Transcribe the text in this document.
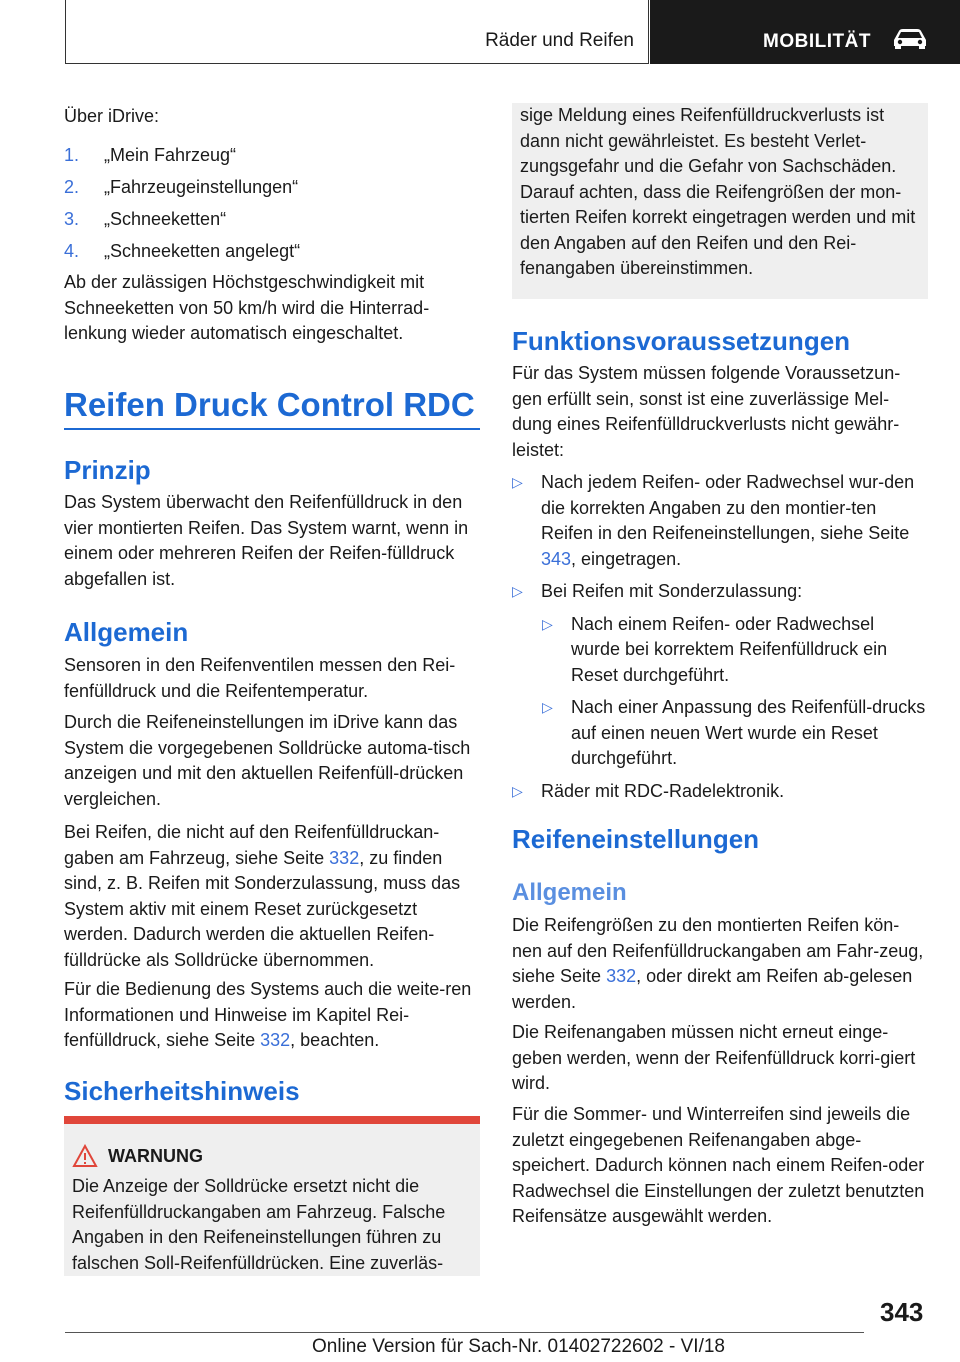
Räder und Reifen	MOBILITÄT

Über iDrive:

1. „Mein Fahrzeug“
2. „Fahrzeugeinstellungen“
3. „Schneeketten“
4. „Schneeketten angelegt“

Ab der zulässigen Höchstgeschwindigkeit mit Schneeketten von 50 km/h wird die Hinterrad-lenkung wieder automatisch eingeschaltet.

Reifen Druck Control RDC
Prinzip

Das System überwacht den Reifenfülldruck in den vier montierten Reifen. Das System warnt, wenn in einem oder mehreren Reifen der Reifen-fülldruck abgefallen ist.

Allgemein

Sensoren in den Reifenventilen messen den Rei-fenfülldruck und die Reifentemperatur.

Durch die Reifeneinstellungen im iDrive kann das System die vorgegebenen Solldrücke automa-tisch anzeigen und mit den aktuellen Reifenfüll-drücken vergleichen.

Bei Reifen, die nicht auf den Reifenfülldruckan-gaben am Fahrzeug, siehe Seite 332, zu finden sind, z. B. Reifen mit Sonderzulassung, muss das System aktiv mit einem Reset zurückgesetzt werden. Dadurch werden die aktuellen Reifen-fülldrücke als Solldrücke übernommen.

Für die Bedienung des Systems auch die weite-ren Informationen und Hinweise im Kapitel Rei-fenfülldruck, siehe Seite 332, beachten.

Sicherheitshinweis
WARNUNG

Die Anzeige der Solldrücke ersetzt nicht die Reifenfülldruckangaben am Fahrzeug. Falsche Angaben in den Reifeneinstellungen führen zu falschen Soll-Reifenfülldrücken. Eine zuverläs-

sige Meldung eines Reifenfülldruckverlusts ist dann nicht gewährleistet. Es besteht Verlet-zungsgefahr und die Gefahr von Sachschäden. Darauf achten, dass die Reifengrößen der mon-tierten Reifen korrekt eingetragen werden und mit den Angaben auf den Reifen und den Rei-fenangaben übereinstimmen.

Funktionsvoraussetzungen

Für das System müssen folgende Voraussetzun-gen erfüllt sein, sonst ist eine zuverlässige Mel-dung eines Reifenfülldruckverlusts nicht gewähr-leistet:

▷ Nach jedem Reifen- oder Radwechsel wur-den die korrekten Angaben zu den montier-ten Reifen in den Reifeneinstellungen, siehe Seite 343, eingetragen.
▷ Bei Reifen mit Sonderzulassung:
▷ Nach einem Reifen- oder Radwechsel wurde bei korrektem Reifenfülldruck ein Reset durchgeführt.
▷ Nach einer Anpassung des Reifenfüll-drucks auf einen neuen Wert wurde ein Reset durchgeführt.
▷ Räder mit RDC-Radelektronik.
Reifeneinstellungen
Allgemein

Die Reifengrößen zu den montierten Reifen kön-nen auf den Reifenfülldruckangaben am Fahr-zeug, siehe Seite 332, oder direkt am Reifen ab-gelesen werden.

Die Reifenangaben müssen nicht erneut einge-geben werden, wenn der Reifenfülldruck korri-giert wird.

Für die Sommer- und Winterreifen sind jeweils die zuletzt eingegebenen Reifenangaben abge-speichert. Dadurch können nach einem Reifen-oder Radwechsel die Einstellungen der zuletzt benutzten Reifensätze ausgewählt werden.

343
Online Version für Sach-Nr. 01402722602 - VI/18
